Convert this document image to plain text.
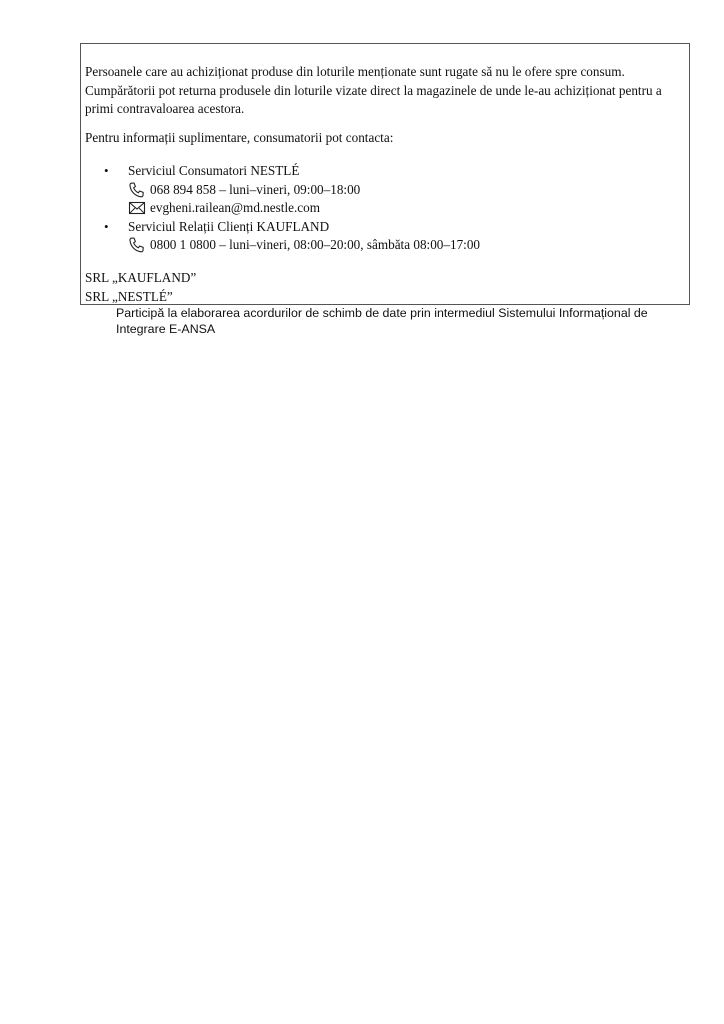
Persoanele care au achiziționat produse din loturile menționate sunt rugate să nu le ofere spre consum. Cumpărătorii pot returna produsele din loturile vizate direct la magazinele de unde le-au achiziționat pentru a primi contravaloarea acestora.

Pentru informații suplimentare, consumatorii pot contacta:

• Serviciul Consumatori NESTLÉ
068 894 858 – luni–vineri, 09:00–18:00
evgheni.railean@md.nestle.com
• Serviciul Relații Clienți KAUFLAND
0800 1 0800 – luni–vineri, 08:00–20:00, sâmbăta 08:00–17:00
SRL „KAUFLAND”
SRL „NESTLÉ”

Participă la elaborarea acordurilor de schimb de date prin intermediul Sistemului Informațional de Integrare E-ANSA
